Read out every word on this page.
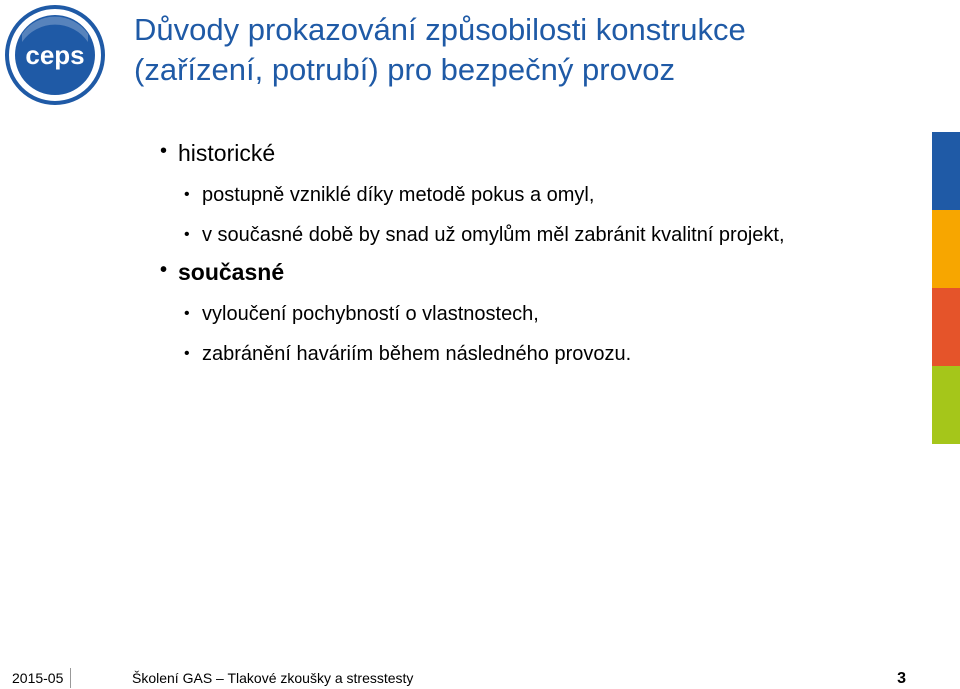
ceps
Důvody prokazování způsobilosti konstrukce
(zařízení, potrubí) pro bezpečný provoz
• historické
• postupně vzniklé díky metodě pokus a omyl,
• v současné době by snad už omylům měl zabránit kvalitní projekt,
• současné
• vyloučení pochybností o vlastnostech,
• zabránění haváriím během následného provozu.
2015-05	Školení GAS – Tlakové zkoušky a stresstesty	3
